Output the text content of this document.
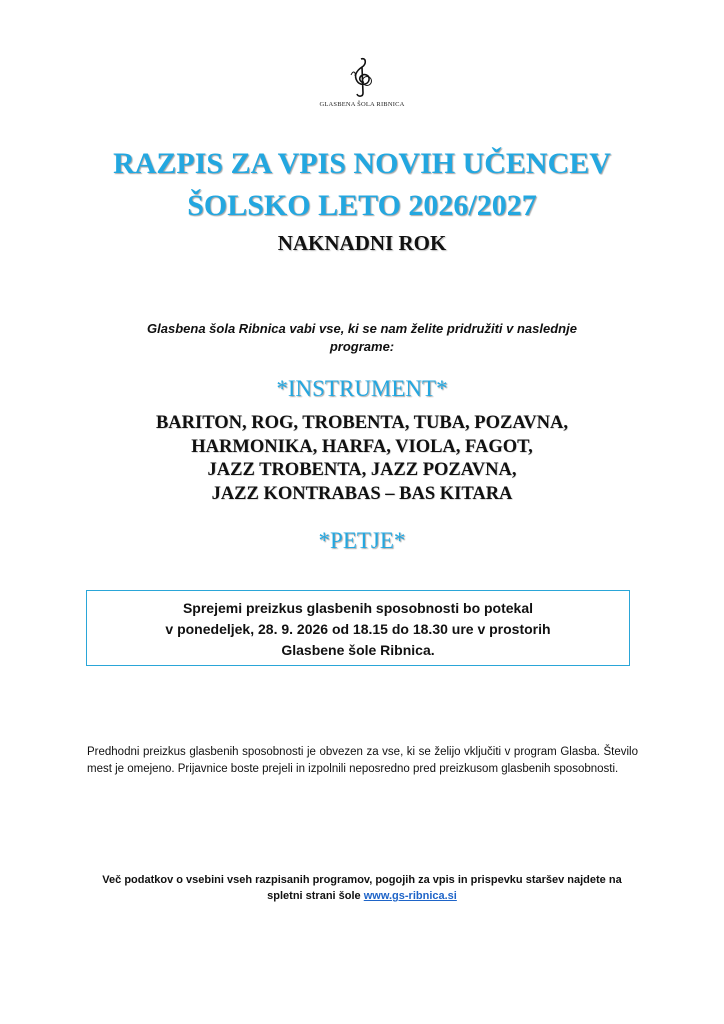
GLASBENA ŠOLA RIBNICA
RAZPIS ZA VPIS NOVIH UČENCEV
ŠOLSKO LETO 2026/2027
NAKNADNI ROK
Glasbena šola Ribnica vabi vse, ki se nam želite pridružiti v naslednje
programe:
*INSTRUMENT*
BARITON, ROG, TROBENTA, TUBA, POZAVNA,
HARMONIKA, HARFA, VIOLA, FAGOT,
JAZZ TROBENTA, JAZZ POZAVNA,
JAZZ KONTRABAS – BAS KITARA
*PETJE*
Sprejemi preizkus glasbenih sposobnosti bo potekal
v ponedeljek, 28. 9. 2026 od 18.15 do 18.30 ure v prostorih
Glasbene šole Ribnica.
Predhodni preizkus glasbenih sposobnosti je obvezen za vse, ki se želijo vključiti v program Glasba. Število mest je omejeno. Prijavnice boste prejeli in izpolnili neposredno pred preizkusom glasbenih sposobnosti.
Več podatkov o vsebini vseh razpisanih programov, pogojih za vpis in prispevku staršev najdete na
spletni strani šole www.gs-ribnica.si
